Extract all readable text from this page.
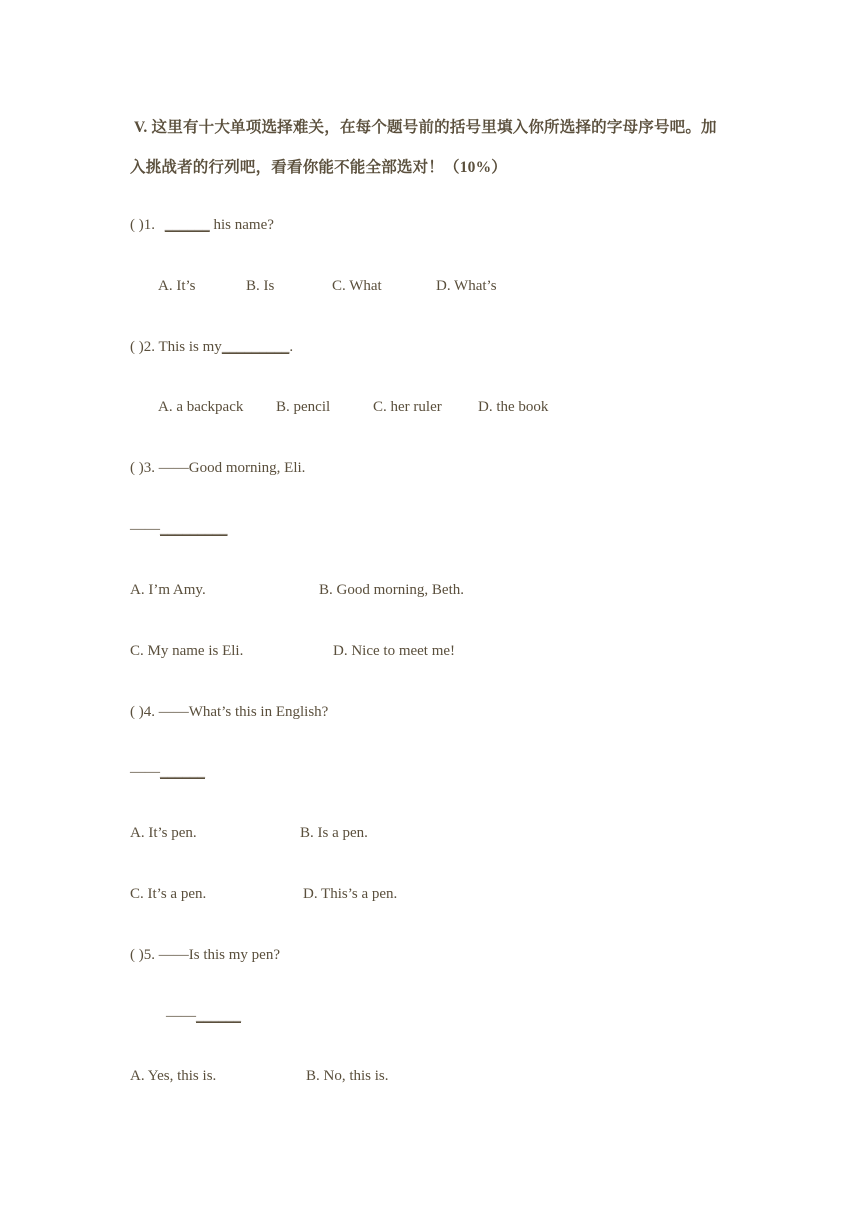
V. 这里有十大单项选择难关，在每个题号前的括号里填入你所选择的字母序号吧。加
入挑战者的行列吧，看看你能不能全部选对！（10%）
( )1. ______ his name?
A. It’s	B. Is	C. What	D. What’s
( )2. This is my_________.
A. a backpack B. pencil	C. her ruler D. the book
( )3. ——Good morning, Eli.
——_________
A. I’m Amy.	B. Good morning, Beth.
C. My name is Eli.	D. Nice to meet me!
( )4. ——What’s this in English?
——______
A. It’s pen.	B. Is a pen.
C. It’s a pen.	D. This’s a pen.
( )5. ——Is this my pen?
——______
A. Yes, this is.	B. No, this is.
